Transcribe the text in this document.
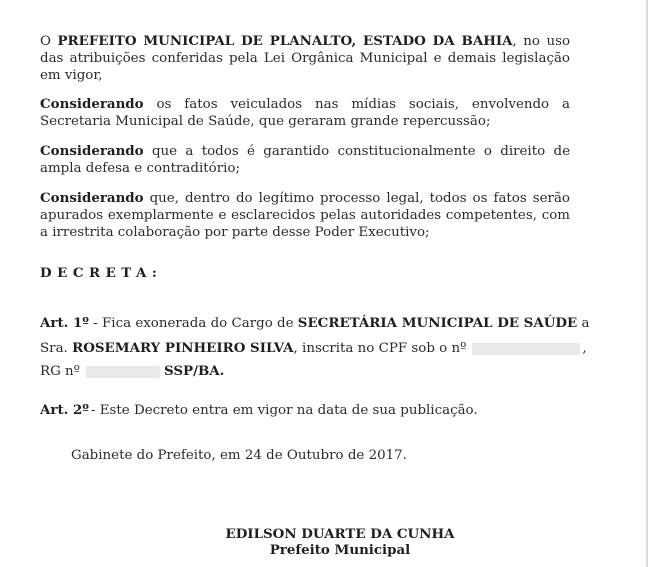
O PREFEITO MUNICIPAL DE PLANALTO, ESTADO DA BAHIA, no uso das atribuições conferidas pela Lei Orgânica Municipal e demais legislação em vigor,

Considerando os fatos veiculados nas mídias sociais, envolvendo a Secretaria Municipal de Saúde, que geraram grande repercussão;

Considerando que a todos é garantido constitucionalmente o direito de ampla defesa e contraditório;

Considerando que, dentro do legítimo processo legal, todos os fatos serão apurados exemplarmente e esclarecidos pelas autoridades competentes, com a irrestrita colaboração por parte desse Poder Executivo;

DECRETA:
Art. 1º - Fica exonerada do Cargo de SECRETÁRIA MUNICIPAL DE SAÚDE a
Sra. ROSEMARY PINHEIRO SILVA, inscrita no CPF sob o nº	,
RG nº	SSP/BA.
Art. 2º - Este Decreto entra em vigor na data de sua publicação.
Gabinete do Prefeito, em 24 de Outubro de 2017.
EDILSON DUARTE DA CUNHA
Prefeito Municipal
